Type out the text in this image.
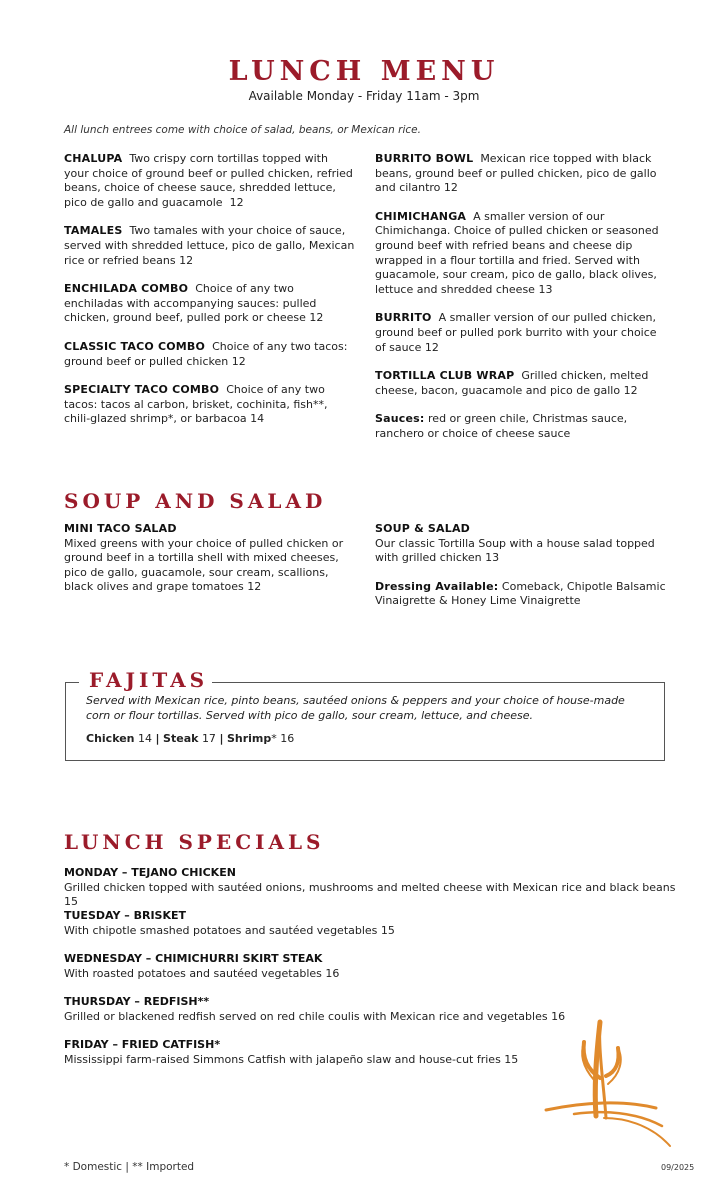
LUNCH MENU
Available Monday - Friday 11am - 3pm
All lunch entrees come with choice of salad, beans, or Mexican rice.
CHALUPA Two crispy corn tortillas topped with your choice of ground beef or pulled chicken, refried beans, choice of cheese sauce, shredded lettuce, pico de gallo and guacamole 12
TAMALES Two tamales with your choice of sauce, served with shredded lettuce, pico de gallo, Mexican rice or refried beans 12
ENCHILADA COMBO Choice of any two enchiladas with accompanying sauces: pulled chicken, ground beef, pulled pork or cheese 12
CLASSIC TACO COMBO Choice of any two tacos: ground beef or pulled chicken 12
SPECIALTY TACO COMBO Choice of any two tacos: tacos al carbon, brisket, cochinita, fish**, chili-glazed shrimp*, or barbacoa 14
BURRITO BOWL Mexican rice topped with black beans, ground beef or pulled chicken, pico de gallo and cilantro 12
CHIMICHANGA A smaller version of our Chimichanga. Choice of pulled chicken or seasoned ground beef with refried beans and cheese dip wrapped in a flour tortilla and fried. Served with guacamole, sour cream, pico de gallo, black olives, lettuce and shredded cheese 13
BURRITO A smaller version of our pulled chicken, ground beef or pulled pork burrito with your choice of sauce 12
TORTILLA CLUB WRAP Grilled chicken, melted cheese, bacon, guacamole and pico de gallo 12
Sauces: red or green chile, Christmas sauce, ranchero or choice of cheese sauce
SOUP AND SALAD
MINI TACO SALAD
Mixed greens with your choice of pulled chicken or ground beef in a tortilla shell with mixed cheeses, pico de gallo, guacamole, sour cream, scallions, black olives and grape tomatoes 12
SOUP & SALAD
Our classic Tortilla Soup with a house salad topped with grilled chicken 13
Dressing Available: Comeback, Chipotle Balsamic Vinaigrette & Honey Lime Vinaigrette
FAJITAS
Served with Mexican rice, pinto beans, sautéed onions & peppers and your choice of house-made corn or flour tortillas. Served with pico de gallo, sour cream, lettuce, and cheese.
Chicken 14 | Steak 17 | Shrimp* 16
LUNCH SPECIALS
MONDAY – TEJANO CHICKEN
Grilled chicken topped with sautéed onions, mushrooms and melted cheese with Mexican rice and black beans 15
TUESDAY – BRISKET
With chipotle smashed potatoes and sautéed vegetables 15
WEDNESDAY – CHIMICHURRI SKIRT STEAK
With roasted potatoes and sautéed vegetables 16
THURSDAY – REDFISH**
Grilled or blackened redfish served on red chile coulis with Mexican rice and vegetables 16
FRIDAY – FRIED CATFISH*
Mississippi farm-raised Simmons Catfish with jalapeño slaw and house-cut fries 15
* Domestic | ** Imported	09/2025
